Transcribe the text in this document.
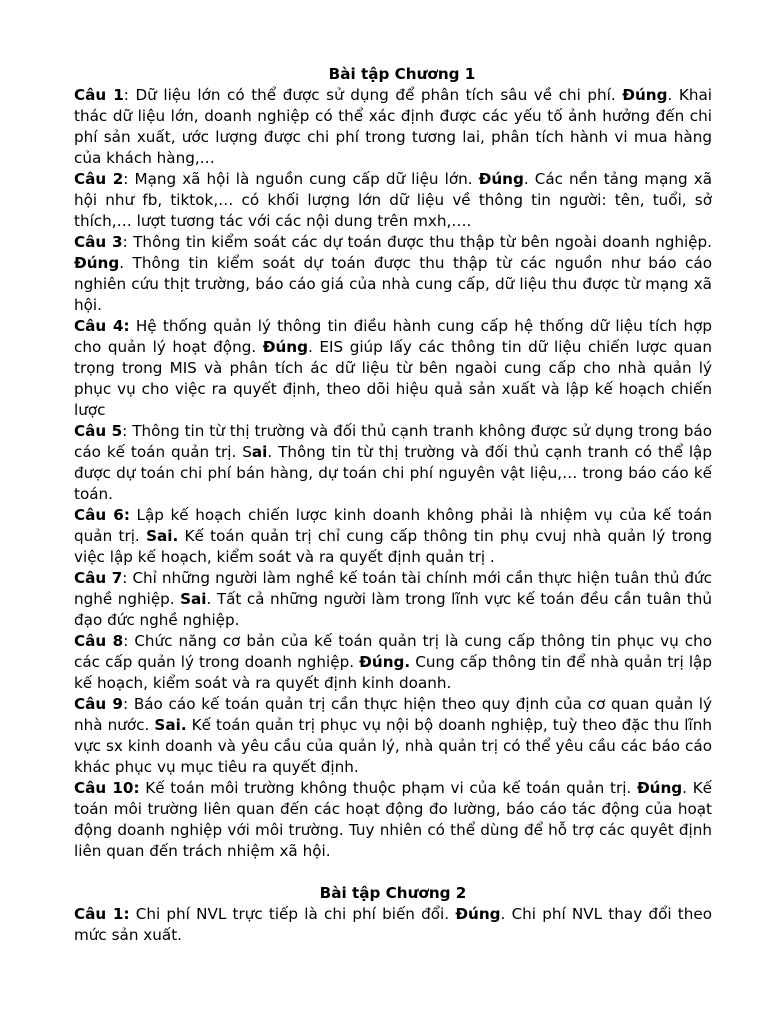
Bài tập Chương 1

Câu 1: Dữ liệu lớn có thể được sử dụng để phân tích sâu về chi phí. Đúng. Khai thác dữ liệu lớn, doanh nghiệp có thể xác định được các yếu tố ảnh hưởng đến chi phí sản xuất, ước lượng được chi phí trong tương lai, phân tích hành vi mua hàng của khách hàng,…

Câu 2: Mạng xã hội là nguồn cung cấp dữ liệu lớn. Đúng. Các nền tảng mạng xã hội như fb, tiktok,… có khối lượng lớn dữ liệu về thông tin người: tên, tuổi, sở thích,… lượt tương tác với các nội dung trên mxh,….

Câu 3: Thông tin kiểm soát các dự toán được thu thập từ bên ngoài doanh nghiệp. Đúng. Thông tin kiểm soát dự toán được thu thập từ các nguồn như báo cáo nghiên cứu thịt trường, báo cáo giá của nhà cung cấp, dữ liệu thu được từ mạng xã hội.

Câu 4: Hệ thống quản lý thông tin điều hành cung cấp hệ thống dữ liệu tích hợp cho quản lý hoạt động. Đúng. EIS giúp lấy các thông tin dữ liệu chiến lược quan trọng trong MIS và phân tích ác dữ liệu từ bên ngaòi cung cấp cho nhà quản lý phục vụ cho việc ra quyết định, theo dõi hiệu quả sản xuất và lập kế hoạch chiến lược

Câu 5: Thông tin từ thị trường và đối thủ cạnh tranh không được sử dụng trong báo cáo kế toán quản trị. Sai. Thông tin từ thị trường và đối thủ cạnh tranh có thể lập được dự toán chi phí bán hàng, dự toán chi phí nguyên vật liệu,… trong báo cáo kế toán.

Câu 6: Lập kế hoạch chiến lược kinh doanh không phải là nhiệm vụ của kế toán quản trị. Sai. Kế toán quản trị chỉ cung cấp thông tin phụ cvuj nhà quản lý trong việc lập kế hoạch, kiểm soát và ra quyết định quản trị .

Câu 7: Chỉ những người làm nghề kế toán tài chính mới cần thực hiện tuân thủ đức nghề nghiệp. Sai. Tất cả những người làm trong lĩnh vực kế toán đều cần tuân thủ đạo đức nghề nghiệp.

Câu 8: Chức năng cơ bản của kế toán quản trị là cung cấp thông tin phục vụ cho các cấp quản lý trong doanh nghiệp. Đúng. Cung cấp thông tin để nhà quản trị lập kế hoạch, kiểm soát và ra quyết định kinh doanh.

Câu 9: Báo cáo kế toán quản trị cần thực hiện theo quy định của cơ quan quản lý nhà nước. Sai. Kế toán quản trị phục vụ nội bộ doanh nghiệp, tuỳ theo đặc thu lĩnh vực sx kinh doanh và yêu cầu của quản lý, nhà quản trị có thể yêu cầu các báo cáo khác phục vụ mục tiêu ra quyết định.

Câu 10: Kế toán môi trường không thuộc phạm vi của kế toán quản trị. Đúng. Kế toán môi trường liên quan đến các hoạt động đo lường, báo cáo tác động của hoạt động doanh nghiệp với môi trường. Tuy nhiên có thể dùng để hỗ trợ các quyêt định liên quan đến trách nhiệm xã hội.

Bài tập Chương 2

Câu 1: Chi phí NVL trực tiếp là chi phí biến đổi. Đúng. Chi phí NVL thay đổi theo mức sản xuất.
